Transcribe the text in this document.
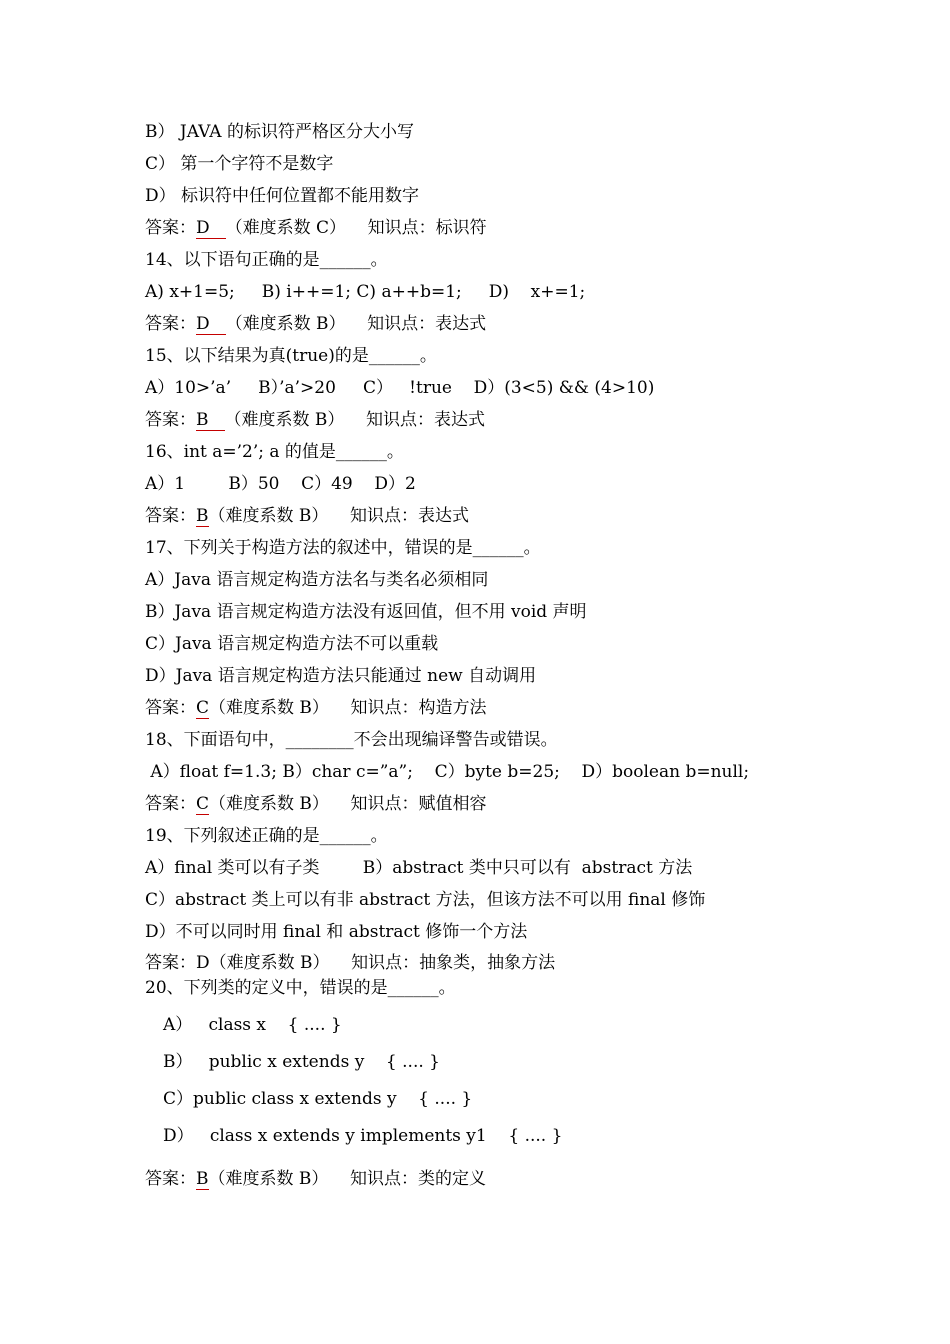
B） JAVA 的标识符严格区分大小写
C） 第一个字符不是数字
D） 标识符中任何位置都不能用数字
答案：D （难度系数 C）    知识点：标识符
14、以下语句正确的是______。
A) x+1=5;     B) i++=1; C) a++b=1;     D)    x+=1;
答案：D （难度系数 B）    知识点：表达式
15、以下结果为真(true)的是______。
A）10>’a’     B）’a’>20     C）   !true    D）(3<5) && (4>10)
答案：B （难度系数 B）    知识点：表达式
16、int a=’2’; a 的值是______。
A）1        B）50    C）49    D）2
答案：B（难度系数 B）    知识点：表达式
17、下列关于构造方法的叙述中，错误的是______。
A）Java 语言规定构造方法名与类名必须相同
B）Java 语言规定构造方法没有返回值，但不用 void 声明
C）Java 语言规定构造方法不可以重载
D）Java 语言规定构造方法只能通过 new 自动调用
答案：C（难度系数 B）    知识点：构造方法
18、下面语句中，________不会出现编译警告或错误。
A）float f=1.3; B）char c=”a”;    C）byte b=25;    D）boolean b=null;
答案：C（难度系数 B）    知识点：赋值相容
19、下列叙述正确的是______。
A）final 类可以有子类        B）abstract 类中只可以有  abstract 方法
C）abstract 类上可以有非 abstract 方法，但该方法不可以用 final 修饰
D）不可以同时用 final 和 abstract 修饰一个方法
答案：D（难度系数 B）    知识点：抽象类，抽象方法
20、下列类的定义中，错误的是______。
A）   class x    { .... }
B）   public x extends y    { .... }
C）public class x extends y    { .... }
D）   class x extends y implements y1    { .... }
答案：B（难度系数 B）    知识点：类的定义
